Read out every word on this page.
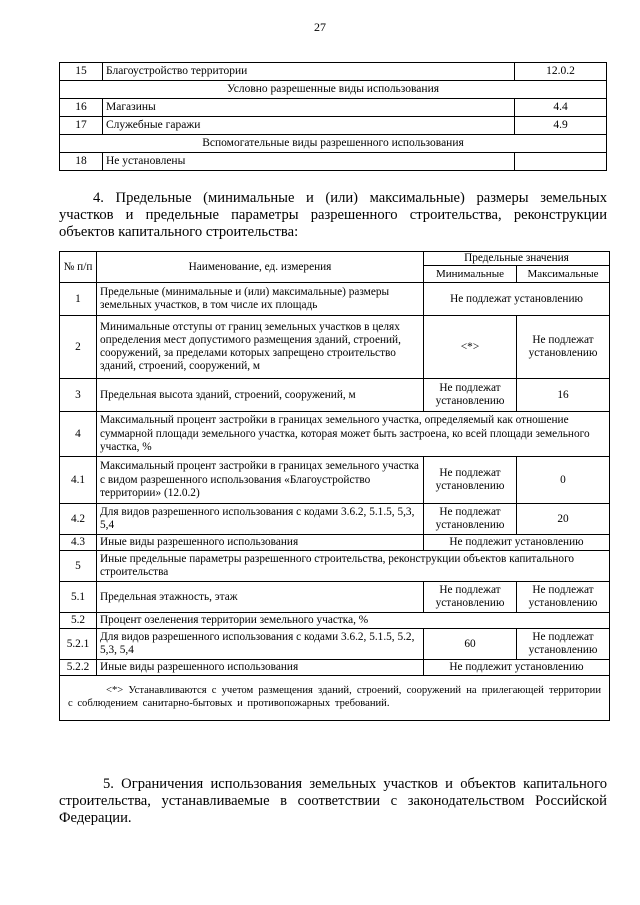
27
15	Благоустройство территории	12.0.2
Условно разрешенные виды использования		
16	Магазины	4.4
17	Служебные гаражи	4.9
Вспомогательные виды разрешенного использования		
18	Не установлены	
4. Предельные (минимальные и (или) максимальные) размеры земельных участков и предельные параметры разрешенного строительства, реконструкции объектов капитального строительства:
№ п/п	Наименование, ед. измерения	Предельные значения	
		Минимальные	Максимальные
1	Предельные (минимальные и (или) максимальные) размеры земельных участков, в том числе их площадь	Не подлежат установлению	
2	Минимальные отступы от границ земельных участков в целях определения мест допустимого размещения зданий, строений, сооружений, за пределами которых запрещено строительство зданий, строений, сооружений, м	<*>	Не подлежат установлению
3	Предельная высота зданий, строений, сооружений, м	Не подлежат установлению	16
4	Максимальный процент застройки в границах земельного участка, определяемый как отношение суммарной площади земельного участка, которая может быть застроена, ко всей площади земельного участка, %		
4.1	Максимальный процент застройки в границах земельного участка с видом разрешенного использования «Благоустройство территории» (12.0.2)	Не подлежат установлению	0
4.2	Для видов разрешенного использования с кодами 3.6.2, 5.1.5, 5,3, 5,4	Не подлежат установлению	20
4.3	Иные виды разрешенного использования	Не подлежит установлению	
5	Иные предельные параметры разрешенного строительства, реконструкции объектов капитального строительства		
5.1	Предельная этажность, этаж	Не подлежат установлению	Не подлежат установлению
5.2	Процент озеленения территории земельного участка, %		
5.2.1	Для видов разрешенного использования с кодами 3.6.2, 5.1.5, 5.2, 5,3, 5,4	60	Не подлежат установлению
5.2.2	Иные виды разрешенного использования	Не подлежит установлению	
<*> Устанавливаются с учетом размещения зданий, строений, сооружений на прилегающей территории с соблюдением санитарно-бытовых и противопожарных требований.			
5. Ограничения использования земельных участков и объектов капитального строительства, устанавливаемые в соответствии с законодательством Российской Федерации.
